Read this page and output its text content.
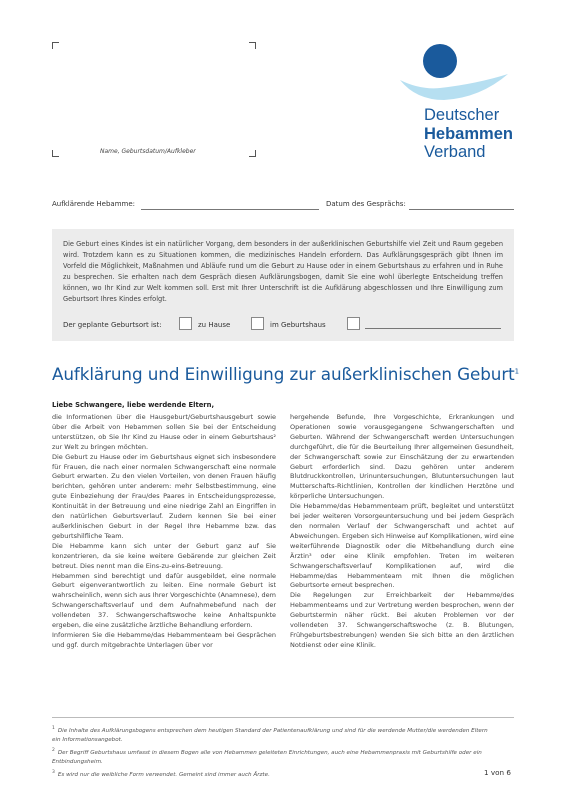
Name, Geburtsdatum/Aufkleber
Deutscher
Hebammen
Verband
Aufklärende Hebamme:	Datum des Gesprächs:

Die Geburt eines Kindes ist ein natürlicher Vorgang, dem besonders in der außerklinischen Geburtshilfe viel Zeit und Raum gegeben wird. Trotzdem kann es zu Situationen kommen, die medizinisches Handeln erfordern. Das Aufklärungsgespräch gibt Ihnen im Vorfeld die Möglichkeit, Maßnahmen und Abläufe rund um die Geburt zu Hause oder in einem Geburtshaus zu erfahren und in Ruhe zu besprechen. Sie erhalten nach dem Gespräch diesen Aufklärungsbogen, damit Sie eine wohl überlegte Entscheidung treffen können, wo Ihr Kind zur Welt kommen soll. Erst mit Ihrer Unterschrift ist die Aufklärung abgeschlossen und Ihre Einwilligung zum Geburtsort Ihres Kindes erfolgt.

Der geplante Geburtsort ist:	zu Hause	im Geburtshaus
Aufklärung und Einwilligung zur außerklinischen Geburt$^1$
Liebe Schwangere, liebe werdende Eltern,

die Informationen über die Hausgeburt/Geburtshausgeburt sowie über die Arbeit von Hebammen sollen Sie bei der Entscheidung unterstützen, ob Sie Ihr Kind zu Hause oder in einem Geburtshaus² zur Welt zu bringen möchten.

Die Geburt zu Hause oder im Geburtshaus eignet sich insbesondere für Frauen, die nach einer normalen Schwangerschaft eine normale Geburt erwarten. Zu den vielen Vorteilen, von denen Frauen häufig berichten, gehören unter anderem: mehr Selbstbestimmung, eine gute Einbeziehung der Frau/des Paares in Entscheidungsprozesse, Kontinuität in der Betreuung und eine niedrige Zahl an Eingriffen in den natürlichen Geburtsverlauf. Zudem kennen Sie bei einer außerklinischen Geburt in der Regel Ihre Hebamme bzw. das geburtshilfliche Team.

Die Hebamme kann sich unter der Geburt ganz auf Sie konzentrieren, da sie keine weitere Gebärende zur gleichen Zeit betreut. Dies nennt man die Eins-zu-eins-Betreuung.

Hebammen sind berechtigt und dafür ausgebildet, eine normale Geburt eigenverantwortlich zu leiten. Eine normale Geburt ist wahrscheinlich, wenn sich aus Ihrer Vorgeschichte (Anamnese), dem Schwangerschaftsverlauf und dem Aufnahmebefund nach der vollendeten 37. Schwangerschaftswoche keine Anhaltspunkte ergeben, die eine zusätzliche ärztliche Behandlung erfordern.

Informieren Sie die Hebamme/das Hebammenteam bei Gesprächen und ggf. durch mitgebrachte Unterlagen über vor

hergehende Befunde, Ihre Vorgeschichte, Erkrankungen und Operationen sowie vorausgegangene Schwangerschaften und Geburten. Während der Schwangerschaft werden Untersuchungen durchgeführt, die für die Beurteilung Ihrer allgemeinen Gesundheit, der Schwangerschaft sowie zur Einschätzung der zu erwartenden Geburt erforderlich sind. Dazu gehören unter anderem Blutdruckkontrollen, Urinuntersuchungen, Blutuntersuchungen laut Mutterschafts-Richtlinien, Kontrollen der kindlichen Herztöne und körperliche Untersuchungen.

Die Hebamme/das Hebammenteam prüft, begleitet und unterstützt bei jeder weiteren Vorsorgeuntersuchung und bei jedem Gespräch den normalen Verlauf der Schwangerschaft und achtet auf Abweichungen. Ergeben sich Hinweise auf Komplikationen, wird eine weiterführende Diagnostik oder die Mitbehandlung durch eine Ärztin³ oder eine Klinik empfohlen. Treten im weiteren Schwangerschaftsverlauf Komplikationen auf, wird die Hebamme/das Hebammenteam mit Ihnen die möglichen Geburtsorte erneut besprechen.

Die Regelungen zur Erreichbarkeit der Hebamme/des Hebammenteams und zur Vertretung werden besprochen, wenn der Geburtstermin näher rückt. Bei akuten Problemen vor der vollendeten 37. Schwangerschaftswoche (z. B. Blutungen, Frühgeburtsbestrebungen) wenden Sie sich bitte an den ärztlichen Notdienst oder eine Klinik.

$^1$ Die Inhalte des Aufklärungsbogens entsprechen dem heutigen Standard der Patientenaufklärung und sind für die werdende Mutter/die werdenden Eltern ein Informationsangebot.
$^2$ Der Begriff Geburtshaus umfasst in diesem Bogen alle von Hebammen geleiteten Einrichtungen, auch eine Hebammenpraxis mit Geburtshilfe oder ein Entbindungsheim.
$^3$ Es wird nur die weibliche Form verwendet. Gemeint sind immer auch Ärzte.	1 von 6
